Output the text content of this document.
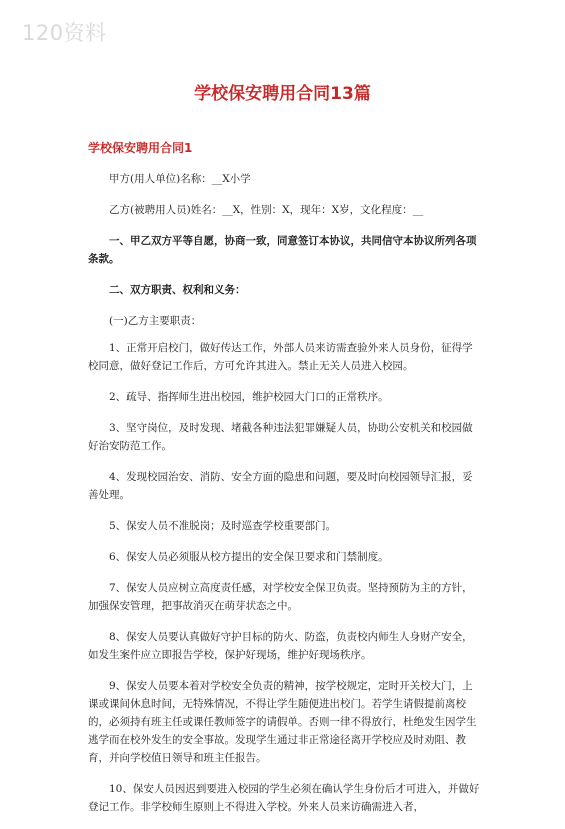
120资料
学校保安聘用合同13篇
学校保安聘用合同1

甲方(用人单位)名称：__X小学

乙方(被聘用人员)姓名：__X，性别：X，现年：X岁，文化程度：__

一、甲乙双方平等自愿，协商一致，同意签订本协议，共同信守本协议所列各项条款。

二、双方职责、权利和义务：

(一)乙方主要职责：

1、正常开启校门，做好传达工作，外部人员来访需查验外来人员身份，征得学校同意，做好登记工作后，方可允许其进入。禁止无关人员进入校园。

2、疏导、指挥师生进出校园，维护校园大门口的正常秩序。

3、坚守岗位，及时发现、堵截各种违法犯罪嫌疑人员，协助公安机关和校园做好治安防范工作。

4、发现校园治安、消防、安全方面的隐患和问题，要及时向校园领导汇报，妥善处理。

5、保安人员不准脱岗；及时巡查学校重要部门。

6、保安人员必须服从校方提出的安全保卫要求和门禁制度。

7、保安人员应树立高度责任感，对学校安全保卫负责。坚持预防为主的方针，加强保安管理，把事故消灭在萌芽状态之中。

8、保安人员要认真做好守护目标的防火、防盗，负责校内师生人身财产安全，如发生案件应立即报告学校，保护好现场，维护好现场秩序。

9、保安人员要本着对学校安全负责的精神，按学校规定，定时开关校大门，上课或课间休息时间，无特殊情况，不得让学生随便进出校门。若学生请假提前离校的，必须持有班主任或课任教师签字的请假单。否则一律不得放行，杜绝发生因学生逃学而在校外发生的安全事故。发现学生通过非正常途径离开学校应及时劝阻、教育，并向学校值日领导和班主任报告。

10、保安人员因迟到要进入校园的学生必须在确认学生身份后才可进入，并做好登记工作。非学校师生原则上不得进入学校。外来人员来访确需进入者，
